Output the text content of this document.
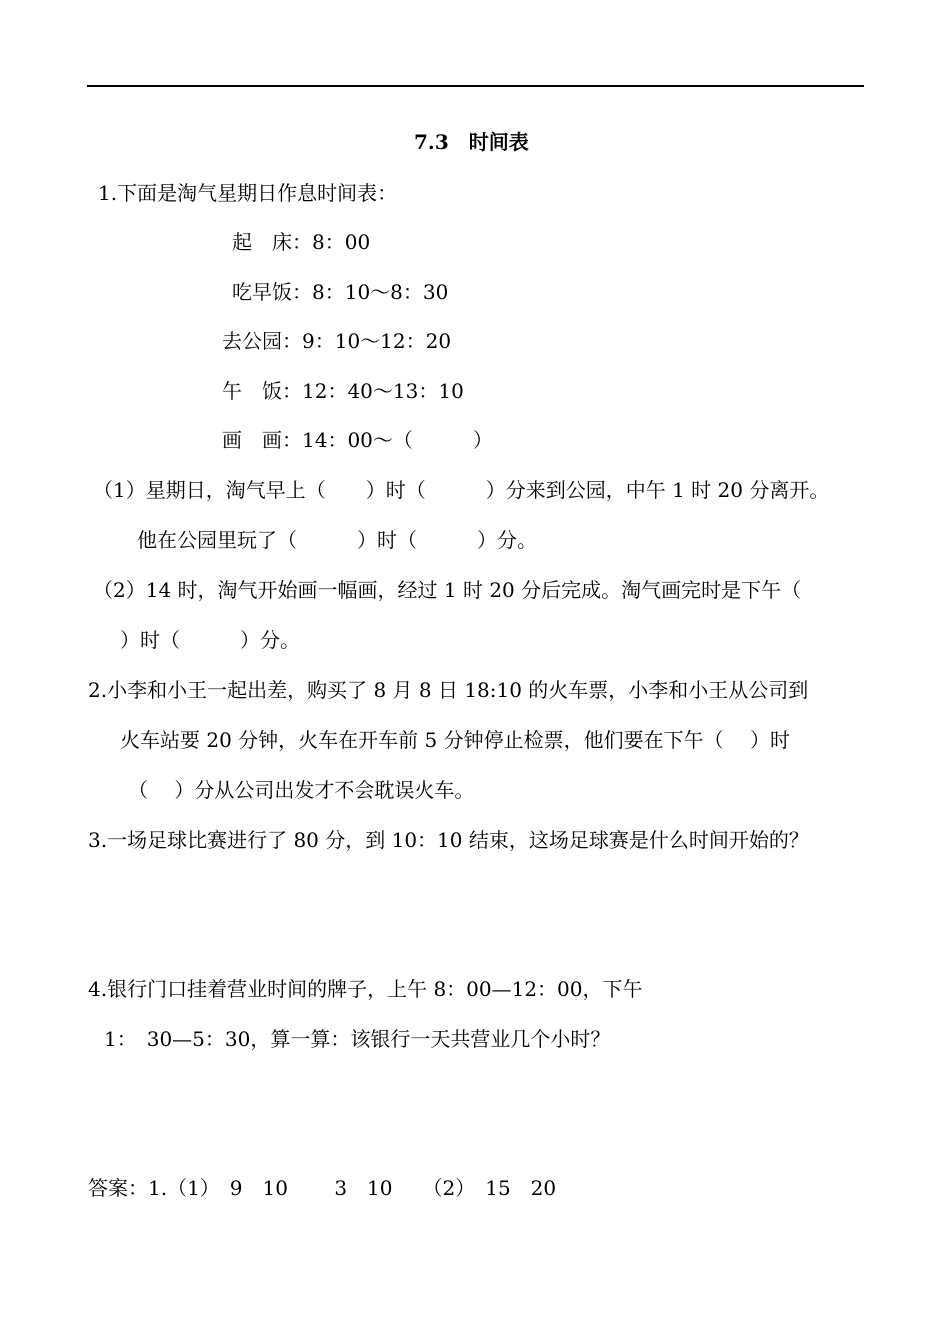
7.3　时间表
1.下面是淘气星期日作息时间表：
起　床：8：00
吃早饭：8：10～8：30
去公园：9：10～12：20
午　饭：12：40～13：10
画　画：14：00～（　　　）
（1）星期日，淘气早上（　　）时（　　　）分来到公园，中午 1 时 20 分离开。
他在公园里玩了（　　　）时（　　　）分。
（2）14 时，淘气开始画一幅画，经过 1 时 20 分后完成。淘气画完时是下午（
）时（　　　）分。
2.小李和小王一起出差，购买了 8 月 8 日 18:10 的火车票，小李和小王从公司到
火车站要 20 分钟，火车在开车前 5 分钟停止检票，他们要在下午（　 ）时
（　 ）分从公司出发才不会耽误火车。
3.一场足球比赛进行了 80 分，到 10：10 结束，这场足球赛是什么时间开始的？
4.银行门口挂着营业时间的牌子，上午 8：00—12：00，下午
1：　30—5：30，算一算：该银行一天共营业几个小时？
答案：1.（1）　9　10　　 3　10　　（2）　15　20
